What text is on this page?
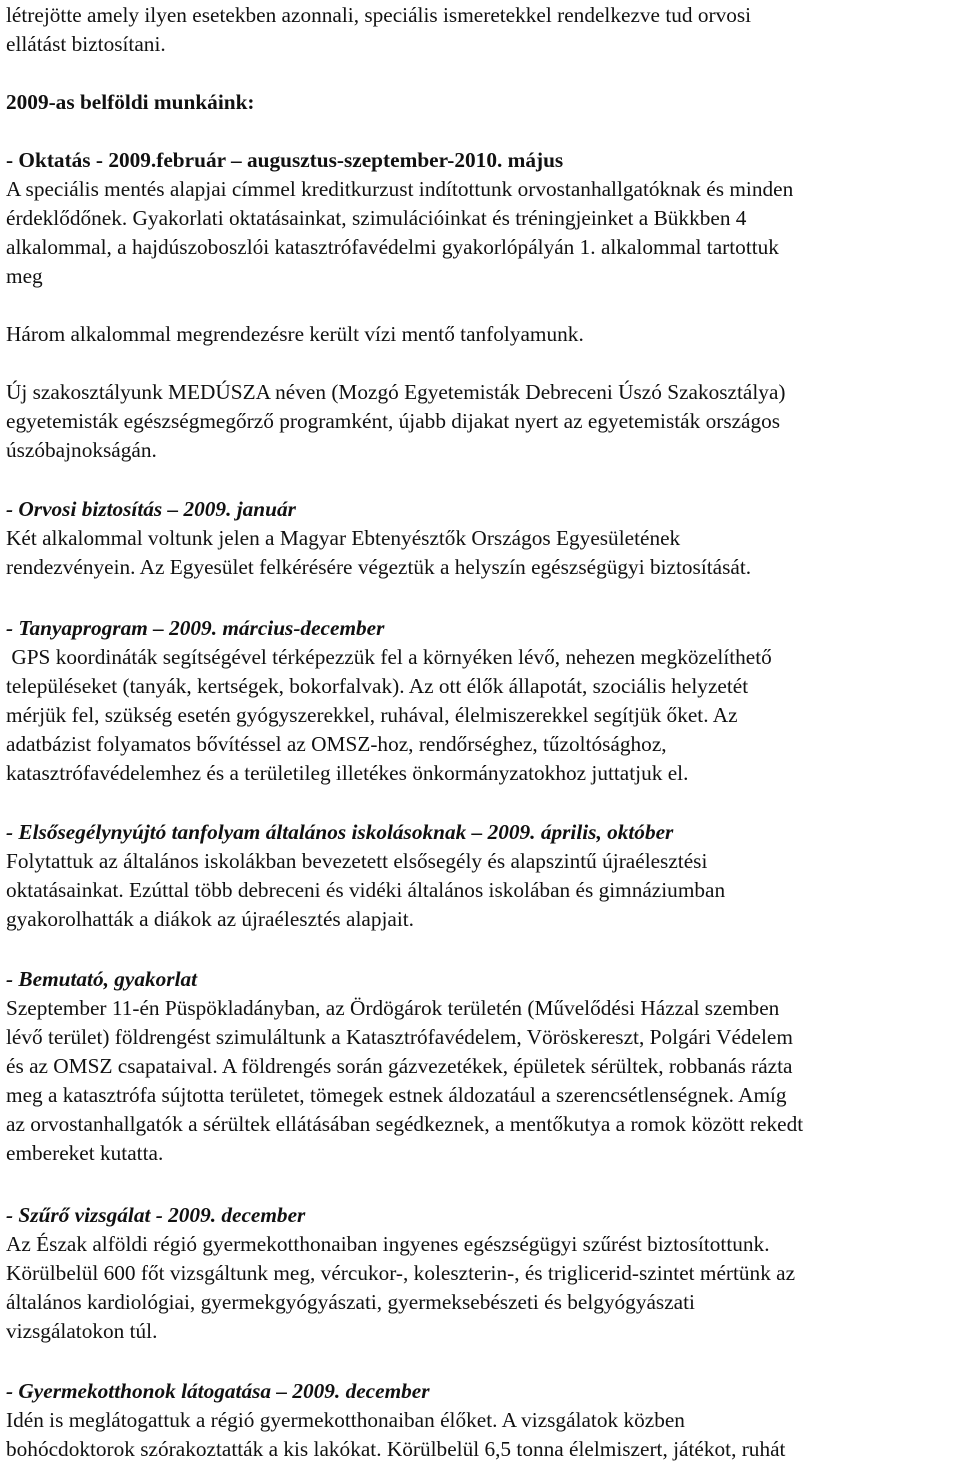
létrejötte amely ilyen esetekben azonnali, speciális ismeretekkel rendelkezve tud orvosi
ellátást biztosítani.
2009-as belföldi munkáink:
- Oktatás - 2009.február – augusztus-szeptember-2010. május
A speciális mentés alapjai címmel kreditkurzust indítottunk orvostanhallgatóknak és minden
érdeklődőnek. Gyakorlati oktatásainkat, szimulációinkat és tréningjeinket a Bükkben 4
alkalommal, a hajdúszoboszlói katasztrófavédelmi gyakorlópályán 1. alkalommal tartottuk
meg
Három alkalommal megrendezésre került vízi mentő tanfolyamunk.
Új szakosztályunk MEDÚSZA néven (Mozgó Egyetemisták Debreceni Úszó Szakosztálya)
egyetemisták egészségmegőrző programként, újabb dijakat nyert az egyetemisták országos
úszóbajnokságán.
- Orvosi biztosítás – 2009. január
Két alkalommal voltunk jelen a Magyar Ebtenyésztők Országos Egyesületének
rendezvényein. Az Egyesület felkérésére végeztük a helyszín egészségügyi biztosítását.
- Tanyaprogram – 2009. március-december
GPS koordináták segítségével térképezzük fel a környéken lévő, nehezen megközelíthető
településeket (tanyák, kertségek, bokorfalvak). Az ott élők állapotát, szociális helyzetét
mérjük fel, szükség esetén gyógyszerekkel, ruhával, élelmiszerekkel segítjük őket. Az
adatbázist folyamatos bővítéssel az OMSZ-hoz, rendőrséghez, tűzoltósághoz,
katasztrófavédelemhez és a területileg illetékes önkormányzatokhoz juttatjuk el.
- Elsősegélynyújtó tanfolyam általános iskolásoknak – 2009. április, október
Folytattuk az általános iskolákban bevezetett elsősegély és alapszintű újraélesztési
oktatásainkat. Ezúttal több debreceni és vidéki általános iskolában és gimnáziumban
gyakorolhatták a diákok az újraélesztés alapjait.
- Bemutató, gyakorlat
Szeptember 11-én Püspökladányban, az Ördögárok területén (Művelődési Házzal szemben
lévő terület) földrengést szimuláltunk a Katasztrófavédelem, Vöröskereszt, Polgári Védelem
és az OMSZ csapataival. A földrengés során gázvezetékek, épületek sérültek, robbanás rázta
meg a katasztrófa sújtotta területet, tömegek estnek áldozatául a szerencsétlenségnek. Amíg
az orvostanhallgatók a sérültek ellátásában segédkeznek, a mentőkutya a romok között rekedt
embereket kutatta.
- Szűrő vizsgálat - 2009. december
Az Észak alföldi régió gyermekotthonaiban ingyenes egészségügyi szűrést biztosítottunk.
Körülbelül 600 főt vizsgáltunk meg, vércukor-, koleszterin-, és triglicerid-szintet mértünk az
általános kardiológiai, gyermekgyógyászati, gyermeksebészeti és belgyógyászati
vizsgálatokon túl.
- Gyermekotthonok látogatása – 2009. december
Idén is meglátogattuk a régió gyermekotthonaiban élőket. A vizsgálatok közben
bohócdoktorok szórakoztatták a kis lakókat. Körülbelül 6,5 tonna élelmiszert, játékot, ruhát
